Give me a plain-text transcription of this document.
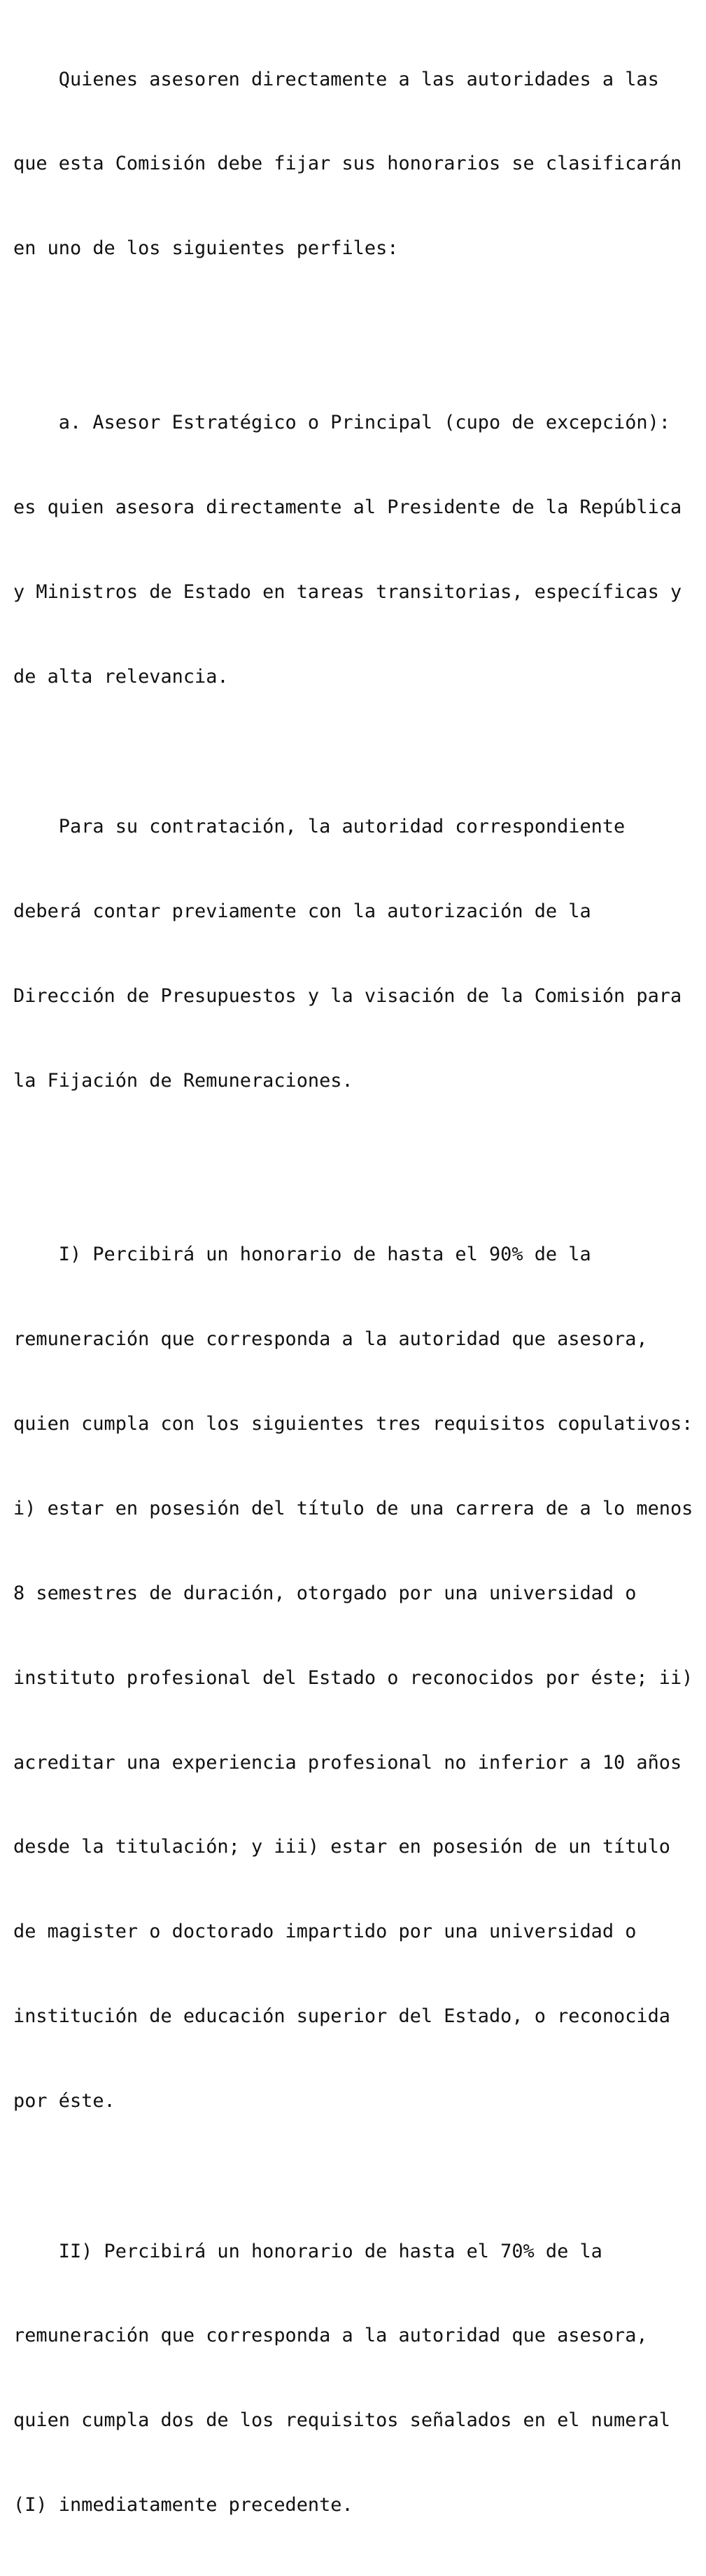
Quienes asesoren directamente a las autoridades a las

que esta Comisión debe fijar sus honorarios se clasificarán

en uno de los siguientes perfiles:

a. Asesor Estratégico o Principal (cupo de excepción):

es quien asesora directamente al Presidente de la República

y Ministros de Estado en tareas transitorias, específicas y

de alta relevancia.

Para su contratación, la autoridad correspondiente

deberá contar previamente con la autorización de la

Dirección de Presupuestos y la visación de la Comisión para

la Fijación de Remuneraciones.

I) Percibirá un honorario de hasta el 90% de la

remuneración que corresponda a la autoridad que asesora,

quien cumpla con los siguientes tres requisitos copulativos:

i) estar en posesión del título de una carrera de a lo menos

8 semestres de duración, otorgado por una universidad o

instituto profesional del Estado o reconocidos por éste; ii)

acreditar una experiencia profesional no inferior a 10 años

desde la titulación; y iii) estar en posesión de un título

de magister o doctorado impartido por una universidad o

institución de educación superior del Estado, o reconocida

por éste.

II) Percibirá un honorario de hasta el 70% de la

remuneración que corresponda a la autoridad que asesora,

quien cumpla dos de los requisitos señalados en el numeral

(I) inmediatamente precedente.
